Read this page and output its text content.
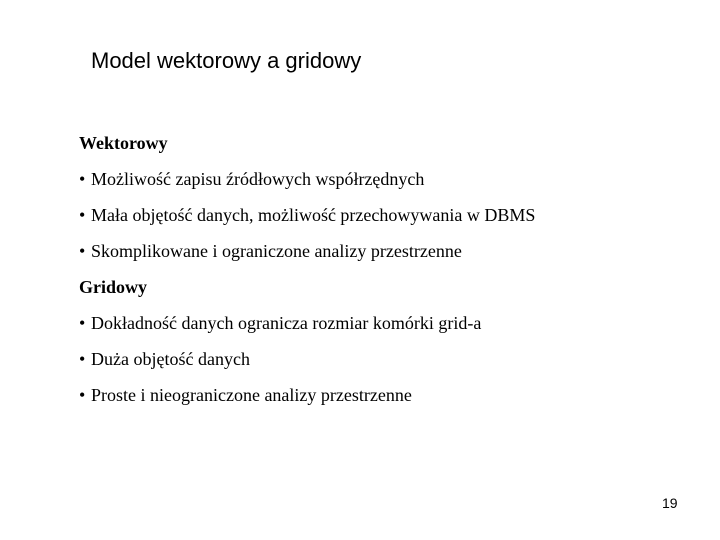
Model wektorowy a gridowy
Wektorowy
• Możliwość zapisu źródłowych współrzędnych
• Mała objętość danych, możliwość przechowywania w DBMS
• Skomplikowane i ograniczone analizy przestrzenne
Gridowy
• Dokładność danych ogranicza rozmiar komórki grid-a
• Duża objętość danych
• Proste i nieograniczone analizy przestrzenne
19
